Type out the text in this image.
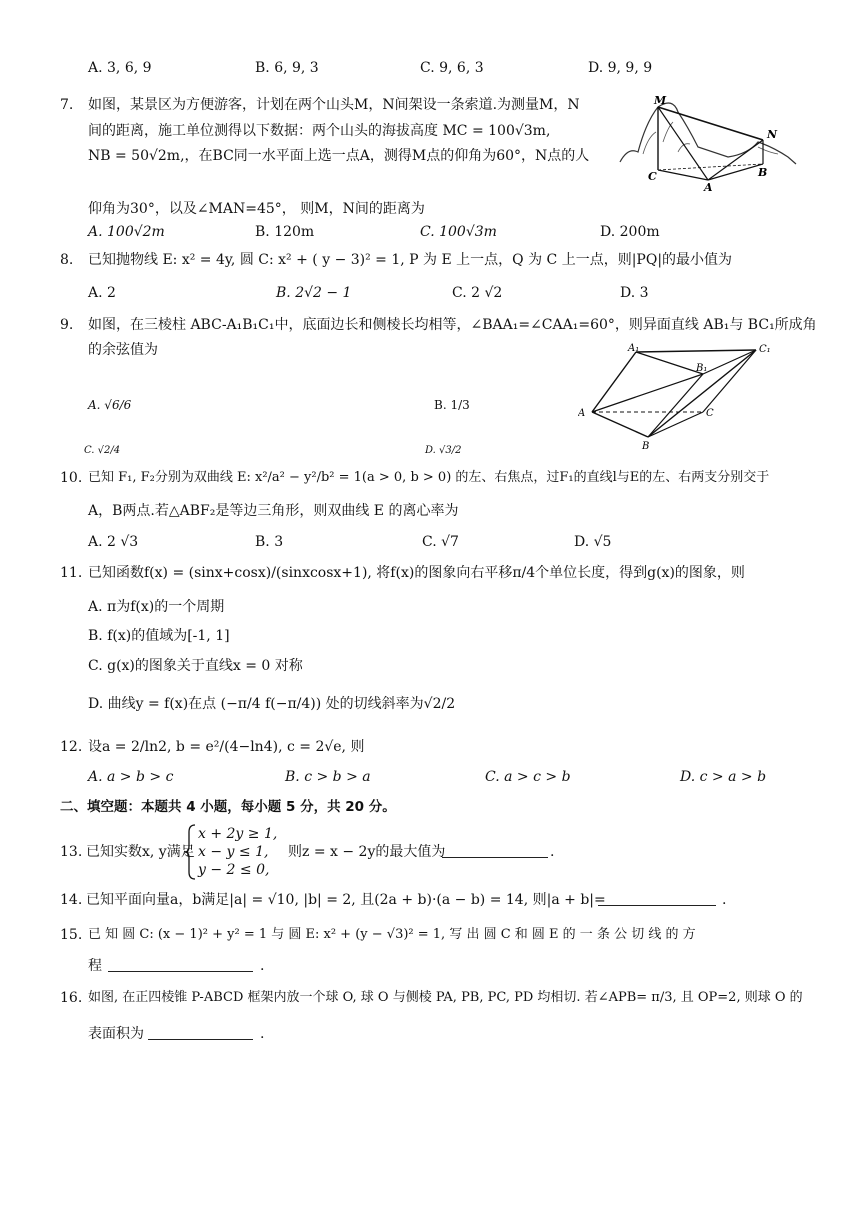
A. 3, 6, 9	B. 6, 9, 3	C. 9, 6, 3	D. 9, 9, 9
7. 如图，某景区为方便游客，计划在两个山头M，N间架设一条索道.为测量M，N
间的距离，施工单位测得以下数据：两个山头的海拔高度 MC = 100√3m,
NB = 50√2m,，在BC同一水平面上选一点A，测得M点的仰角为60°，N点的人
M
N
C
A
B
仰角为30°，以及∠MAN=45°， 则M，N间的距离为
A. 100√2m	B. 120m	C. 100√3m	D. 200m
8. 已知抛物线 E: x² = 4y, 圆 C: x² + ( y − 3)² = 1, P 为 E 上一点，Q 为 C 上一点，则|PQ|的最小值为
A. 2	B. 2√2 − 1	C. 2 √2	D. 3
9. 如图，在三棱柱 ABC-A₁B₁C₁中，底面边长和侧棱长均相等，∠BAA₁=∠CAA₁=60°，则异面直线 AB₁与 BC₁所成角
的余弦值为	A₁	C₁
B₁
A	C
B
A. √6/6	B. 1/3
C. √2/4	D. √3/2
10. 已知 F₁, F₂分别为双曲线 E: x²/a² − y²/b² = 1(a > 0, b > 0) 的左、右焦点，过F₁的直线l与E的左、右两支分别交于
A，B两点.若△ABF₂是等边三角形，则双曲线 E 的离心率为
A. 2 √3	B. 3	C. √7	D. √5
11. 已知函数f(x) = (sinx+cosx)/(sinxcosx+1), 将f(x)的图象向右平移π/4个单位长度，得到g(x)的图象，则
A. π为f(x)的一个周期
B. f(x)的值域为[-1, 1]
C. g(x)的图象关于直线x = 0 对称
D. 曲线y = f(x)在点 (−π/4 f(−π/4)) 处的切线斜率为√2/2
12. 设a = 2/ln2, b = e²/(4−ln4), c = 2√e, 则
A. a > b > c	B. c > b > a	C. a > c > b	D. c > a > b
二、填空题：本题共 4 小题，每小题 5 分，共 20 分。
13. 已知实数x, y满足
x + 2y ≥ 1,
x − y ≤ 1,
y − 2 ≤ 0,
则z = x − 2y的最大值为	.
14. 已知平面向量a，b满足|a| = √10, |b| = 2, 且(2a + b)·(a − b) = 14, 则|a + b|=	.
15. 已 知 圆 C: (x − 1)² + y² = 1 与 圆 E: x² + (y − √3)² = 1, 写 出 圆 C 和 圆 E 的 一 条 公 切 线 的 方
程	.
16. 如图, 在正四棱锥 P-ABCD 框架内放一个球 O, 球 O 与侧棱 PA, PB, PC, PD 均相切. 若∠APB= π/3, 且 OP=2, 则球 O 的
表面积为	.
